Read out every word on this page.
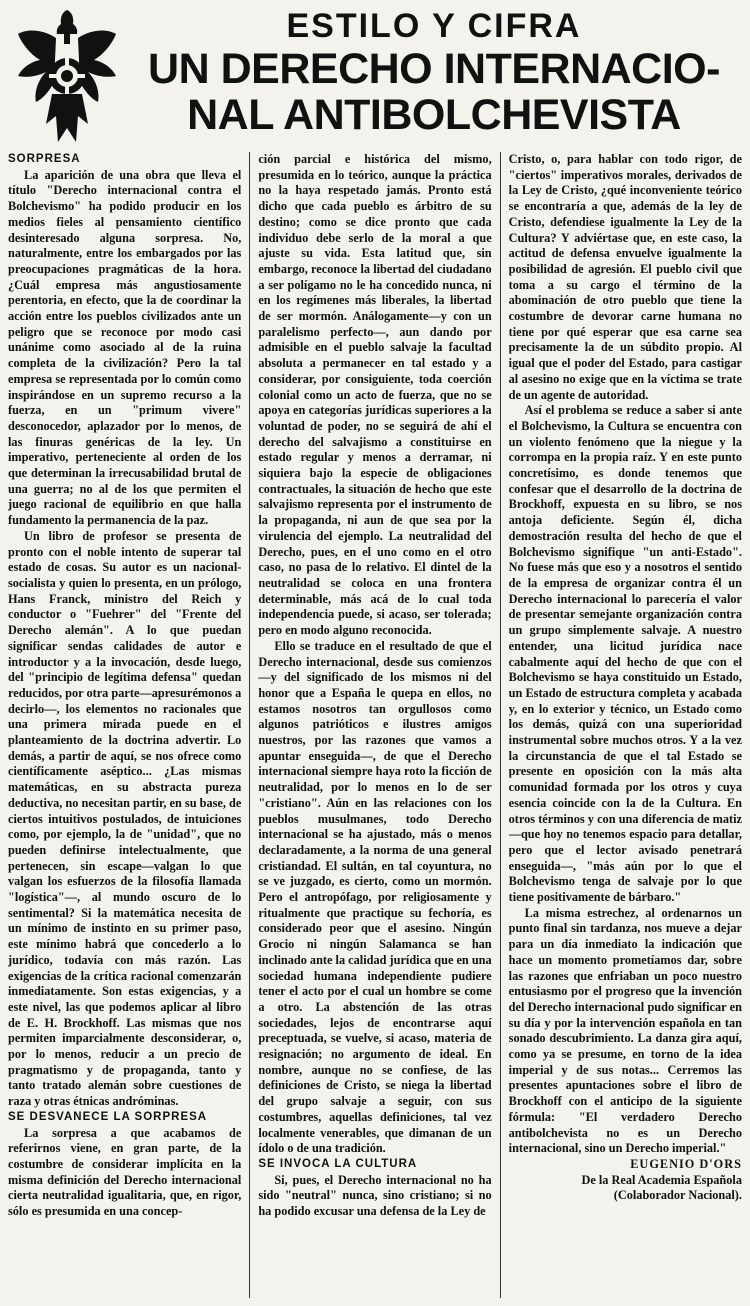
ESTILO Y CIFRA
UN DERECHO INTERNACIO-
NAL ANTIBOLCHEVISTA

SORPRESA

La aparición de una obra que lleva el título "Derecho internacional contra el Bolchevismo" ha podido producir en los medios fieles al pensamiento científico desinteresado alguna sorpresa. No, naturalmente, entre los embargados por las preocupaciones pragmáticas de la hora. ¿Cuál empresa más angustiosamente perentoria, en efecto, que la de coordinar la acción entre los pueblos civilizados ante un peligro que se reconoce por modo casi unánime como asociado al de la ruina completa de la civilización? Pero la tal empresa se representada por lo común como inspirándose en un supremo recurso a la fuerza, en un "primum vivere" desconocedor, aplazador por lo menos, de las finuras genéricas de la ley. Un imperativo, perteneciente al orden de los que determinan la irrecusabilidad brutal de una guerra; no al de los que permiten el juego racional de equilibrio en que halla fundamento la permanencia de la paz.

Un libro de profesor se presenta de pronto con el noble intento de superar tal estado de cosas. Su autor es un nacional-socialista y quien lo presenta, en un prólogo, Hans Franck, ministro del Reich y conductor o "Fuehrer" del "Frente del Derecho alemán". A lo que puedan significar sendas calidades de autor e introductor y a la invocación, desde luego, del "principio de legítima defensa" quedan reducidos, por otra parte—apresurémonos a decirlo—, los elementos no racionales que una primera mirada puede en el planteamiento de la doctrina advertir. Lo demás, a partir de aquí, se nos ofrece como científicamente aséptico... ¿Las mismas matemáticas, en su abstracta pureza deductiva, no necesitan partir, en su base, de ciertos intuitivos postulados, de intuiciones como, por ejemplo, la de "unidad", que no pueden definirse intelectualmente, que pertenecen, sin escape—valgan lo que valgan los esfuerzos de la filosofía llamada "logística"—, al mundo oscuro de lo sentimental? Si la matemática necesita de un mínimo de instinto en su primer paso, este mínimo habrá que concederlo a lo jurídico, todavía con más razón. Las exigencias de la crítica racional comenzarán inmediatamente. Son estas exigencias, y a este nivel, las que podemos aplicar al libro de E. H. Brockhoff. Las mismas que nos permiten imparcialmente desconsiderar, o, por lo menos, reducir a un precio de pragmatismo y de propaganda, tanto y tanto tratado alemán sobre cuestiones de raza y otras étnicas andróminas.

SE DESVANECE LA SORPRESA

La sorpresa a que acabamos de referirnos viene, en gran parte, de la costumbre de considerar implícita en la misma definición del Derecho internacional cierta neutralidad igualitaria, que, en rigor, sólo es presumida en una concep-

ción parcial e histórica del mismo, presumida en lo teórico, aunque la práctica no la haya respetado jamás. Pronto está dicho que cada pueblo es árbitro de su destino; como se dice pronto que cada individuo debe serlo de la moral a que ajuste su vida. Esta latitud que, sin embargo, reconoce la libertad del ciudadano a ser polígamo no le ha concedido nunca, ni en los regímenes más liberales, la libertad de ser mormón. Análogamente—y con un paralelismo perfecto—, aun dando por admisible en el pueblo salvaje la facultad absoluta a permanecer en tal estado y a considerar, por consiguiente, toda coerción colonial como un acto de fuerza, que no se apoya en categorías jurídicas superiores a la voluntad de poder, no se seguirá de ahí el derecho del salvajismo a constituirse en estado regular y menos a derramar, ni siquiera bajo la especie de obligaciones contractuales, la situación de hecho que este salvajismo representa por el instrumento de la propaganda, ni aun de que sea por la virulencia del ejemplo. La neutralidad del Derecho, pues, en el uno como en el otro caso, no pasa de lo relativo. El dintel de la neutralidad se coloca en una frontera determinable, más acá de lo cual toda independencia puede, si acaso, ser tolerada; pero en modo alguno reconocida.

Ello se traduce en el resultado de que el Derecho internacional, desde sus comienzos—y del significado de los mismos ni del honor que a España le quepa en ellos, no estamos nosotros tan orgullosos como algunos patrióticos e ilustres amigos nuestros, por las razones que vamos a apuntar enseguida—, de que el Derecho internacional siempre haya roto la ficción de neutralidad, por lo menos en lo de ser "cristiano". Aún en las relaciones con los pueblos musulmanes, todo Derecho internacional se ha ajustado, más o menos declaradamente, a la norma de una general cristiandad. El sultán, en tal coyuntura, no se ve juzgado, es cierto, como un mormón. Pero el antropófago, por religiosamente y ritualmente que practique su fechoría, es considerado peor que el asesino. Ningún Grocio ni ningún Salamanca se han inclinado ante la calidad jurídica que en una sociedad humana independiente pudiere tener el acto por el cual un hombre se come a otro. La abstención de las otras sociedades, lejos de encontrarse aquí preceptuada, se vuelve, si acaso, materia de resignación; no argumento de ideal. En nombre, aunque no se confiese, de las definiciones de Cristo, se niega la libertad del grupo salvaje a seguir, con sus costumbres, aquellas definiciones, tal vez localmente venerables, que dimanan de un ídolo o de una tradición.

SE INVOCA LA CULTURA

Si, pues, el Derecho internacional no ha sido "neutral" nunca, sino cristiano; si no ha podido excusar una defensa de la Ley de

Cristo, o, para hablar con todo rigor, de "ciertos" imperativos morales, derivados de la Ley de Cristo, ¿qué inconveniente teórico se encontraría a que, además de la ley de Cristo, defendiese igualmente la Ley de la Cultura? Y adviértase que, en este caso, la actitud de defensa envuelve igualmente la posibilidad de agresión. El pueblo civil que toma a su cargo el término de la abominación de otro pueblo que tiene la costumbre de devorar carne humana no tiene por qué esperar que esa carne sea precisamente la de un súbdito propio. Al igual que el poder del Estado, para castigar al asesino no exige que en la víctima se trate de un agente de autoridad.

Así el problema se reduce a saber si ante el Bolchevismo, la Cultura se encuentra con un violento fenómeno que la niegue y la corrompa en la propia raíz. Y en este punto concretísimo, es donde tenemos que confesar que el desarrollo de la doctrina de Brockhoff, expuesta en su libro, se nos antoja deficiente. Según él, dicha demostración resulta del hecho de que el Bolchevismo signifique "un anti-Estado". No fuese más que eso y a nosotros el sentido de la empresa de organizar contra él un Derecho internacional lo parecería el valor de presentar semejante organización contra un grupo simplemente salvaje. A nuestro entender, una licitud jurídica nace cabalmente aquí del hecho de que con el Bolchevismo se haya constituido un Estado, un Estado de estructura completa y acabada y, en lo exterior y técnico, un Estado como los demás, quizá con una superioridad instrumental sobre muchos otros. Y a la vez la circunstancia de que el tal Estado se presente en oposición con la más alta comunidad formada por los otros y cuya esencia coincide con la de la Cultura. En otros términos y con una diferencia de matiz—que hoy no tenemos espacio para detallar, pero que el lector avisado penetrará enseguida—, "más aún por lo que el Bolchevismo tenga de salvaje por lo que tiene positivamente de bárbaro."

La misma estrechez, al ordenarnos un punto final sin tardanza, nos mueve a dejar para un día inmediato la indicación que hace un momento prometíamos dar, sobre las razones que enfriaban un poco nuestro entusiasmo por el progreso que la invención del Derecho internacional pudo significar en su día y por la intervención española en tan sonado descubrimiento. La danza gira aquí, como ya se presume, en torno de la idea imperial y de sus notas... Cerremos las presentes apuntaciones sobre el libro de Brockhoff con el anticipo de la siguiente fórmula: "El verdadero Derecho antibolchevista no es un Derecho internacional, sino un Derecho imperial."

EUGENIO D'ORS

De la Real Academia Española

(Colaborador Nacional).
